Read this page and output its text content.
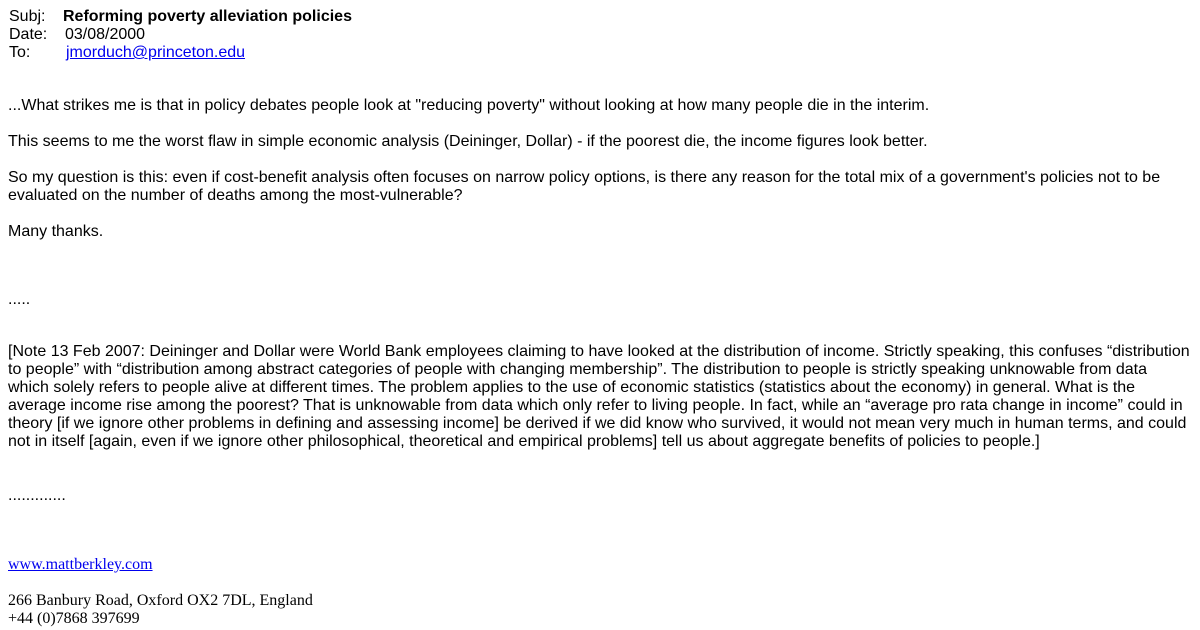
Subj: Reforming poverty alleviation policies
Date: 03/08/2000
To: jmorduch@princeton.edu
...What strikes me is that in policy debates people look at "reducing poverty" without looking at how many people die in the interim.
This seems to me the worst flaw in simple economic analysis (Deininger, Dollar) - if the poorest die, the income figures look better.
So my question is this: even if cost-benefit analysis often focuses on narrow policy options, is there any reason for the total mix of a government's policies not to be evaluated on the number of deaths among the most-vulnerable?
Many thanks.
.....
[Note 13 Feb 2007: Deininger and Dollar were World Bank employees claiming to have looked at the distribution of income. Strictly speaking, this confuses “distribution to people” with “distribution among abstract categories of people with changing membership”. The distribution to people is strictly speaking unknowable from data which solely refers to people alive at different times. The problem applies to the use of economic statistics (statistics about the economy) in general. What is the average income rise among the poorest? That is unknowable from data which only refer to living people. In fact, while an “average pro rata change in income” could in theory [if we ignore other problems in defining and assessing income] be derived if we did know who survived, it would not mean very much in human terms, and could not in itself [again, even if we ignore other philosophical, theoretical and empirical problems] tell us about aggregate benefits of policies to people.]
.............
www.mattberkley.com
266 Banbury Road, Oxford OX2 7DL, England
+44 (0)7868 397699
